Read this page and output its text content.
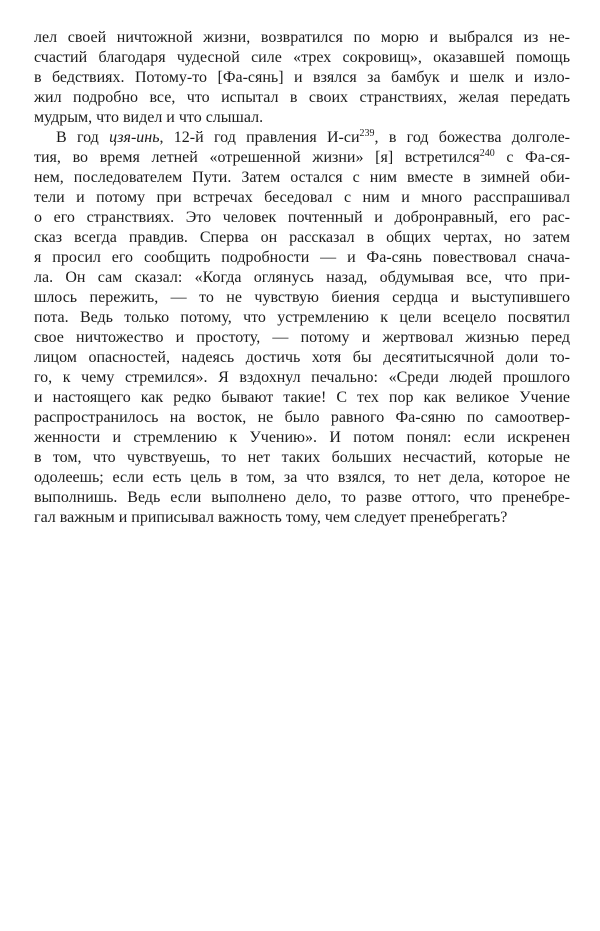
лел своей ничтожной жизни, возвратился по морю и выбрался из не-
счастий благодаря чудесной силе «трех сокровищ», оказавшей помощь
в бедствиях. Потому-то [Фа-сянь] и взялся за бамбук и шелк и изло-
жил подробно все, что испытал в своих странствиях, желая передать
мудрым, что видел и что слышал.
В год цзя-инь, 12-й год правления $И-си^{239}$, в год божества долголе-
тия, во время летней «отрешенной жизни» [я] встретился$^{240}$ с Фа-ся-
нем, последователем Пути. Затем остался с ним вместе в зимней оби-
тели и потому при встречах беседовал с ним и много расспрашивал
о его странствиях. Это человек почтенный и добронравный, его рас-
сказ всегда правдив. Сперва он рассказал в общих чертах, но затем
я просил его сообщить подробности — и Фа-сянь повествовал снача-
ла. Он сам сказал: «Когда оглянусь назад, обдумывая все, что при-
шлось пережить, — то не чувствую биения сердца и выступившего
пота. Ведь только потому, что устремлению к цели всецело посвятил
свое ничтожество и простоту, — потому и жертвовал жизнью перед
лицом опасностей, надеясь достичь хотя бы десятитысячной доли то-
го, к чему стремился». Я вздохнул печально: «Среди людей прошлого
и настоящего как редко бывают такие! С тех пор как великое Учение
распространилось на восток, не было равного Фа-сяню по самоотвер-
женности и стремлению к Учению». И потом понял: если искренен
в том, что чувствуешь, то нет таких больших несчастий, которые не
одолеешь; если есть цель в том, за что взялся, то нет дела, которое не
выполнишь. Ведь если выполнено дело, то разве оттого, что пренебре-
гал важным и приписывал важность тому, чем следует пренебрегать?
